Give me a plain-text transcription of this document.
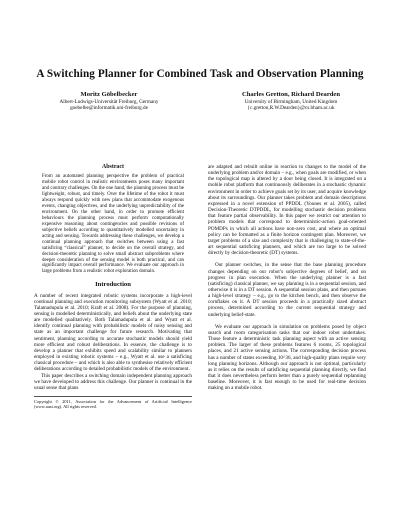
A Switching Planner for Combined Task and Observation Planning
Moritz Göbelbecker
Albert-Ludwigs-Universität Freiburg, Germany
goebelbe@informatik.uni-freiburg.de
Charles Gretton, Richard Dearden
University of Birmingham, United Kingdom
{c.gretton,R.W.Dearden}@cs.bham.ac.uk
Abstract

From an automated planning perspective the problem of practical mobile robot control in realistic environments poses many important and contrary challenges. On the one hand, the planning process must be lightweight, robust, and timely. Over the lifetime of the robot it must always respond quickly with new plans that accommodate exogenous events, changing objectives, and the underlying unpredictability of the environment. On the other hand, in order to promote efficient behaviours the planning process must perform computationally expensive reasoning about contingencies and possible revisions of subjective beliefs according to quantitatively modelled uncertainty in acting and sensing. Towards addressing these challenges, we develop a continual planning approach that switches between using a fast satisficing “classical” planner, to decide on the overall strategy, and decision-theoretic planning to solve small abstract subproblems where deeper consideration of the sensing model is both practical, and can significantly impact overall performance. We evaluate our approach in large problems from a realistic robot exploration domain.

Introduction

A number of recent integrated robotic systems incorporate a high-level continual planning and execution monitoring subsystem (Wyatt et al. 2010; Talamadupula et al. 2010; Kraft et al. 2008). For the purpose of planning, sensing is modelled deterministically, and beliefs about the underlying state are modelled qualitatively. Both Talamadupula et al. and Wyatt et al. identify continual planning with probabilistic models of noisy sensing and state as an important challenge for future research. Motivating that sentiment, planning according to accurate stochastic models should yield more efficient and robust deliberations. In essence, the challenge is to develop a planner that exhibits speed and scalability similar to planners employed in existing robotic systems – e.g., Wyatt et al. use a satisficing classical procedure – and which is also able to synthesise relatively efficient deliberations according to detailed probabilistic models of the environment.

This paper describes a switching domain independent planning approach we have developed to address this challenge. Our planner is continual in the usual sense that plans

Copyright © 2011, Association for the Advancement of Artificial Intelligence (www.aaai.org). All rights reserved.

are adapted and rebuilt online in reaction to changes to the model of the underlying problem and/or domain – e.g., when goals are modified, or when the topological map is altered by a door being closed. It is integrated on a mobile robot platform that continuously deliberates in a stochastic dynamic environment in order to achieve goals set by its user, and acquire knowledge about its surroundings. Our planner takes problem and domain descriptions expressed in a novel extension of PPDDL (Younes et al. 2005), called Decision-Theoretic DTPDDL, for modelling stochastic decision problems that feature partial observability. In this paper we restrict our attention to problem models that correspond to deterministic-action goal-oriented POMDPs in which all actions have non-zero cost, and where an optimal policy can be formatted as a finite horizon contingent plan. Moreover, we target problems of a size and complexity that is challenging to state-of-the-art sequential satisficing planners, and which are too large to be solved directly by decision-theoretic (DT) systems.

Our planner switches, in the sense that the base planning procedure changes depending on our robot’s subjective degrees of belief, and on progress in plan execution. When the underlying planner is a fast (satisficing) classical planner, we say planning is in a sequential session, and otherwise it is in a DT session. A sequential session plans, and then pursues a high-level strategy – e.g., go to the kitchen bench, and then observe the cornflakes on it. A DT session proceeds in a practically sized abstract process, determined according to the current sequential strategy and underlying belief-state.

We evaluate our approach in simulation on problems posed by object search and room categorisation tasks that our indoor robot undertakes. Those feature a deterministic task planning aspect with an active sensing problem. The larger of these problems features 6 rooms, 25 topological places, and 21 active sensing actions. The corresponding decision process has a number of states exceeding 10^36, and high-quality plans require very long planning horizons. Although our approach is not optimal, particularly as it relies on the results of satisficing sequential planning directly, we find that it does nevertheless perform better than a purely sequential replanning baseline. Moreover, it is fast enough to be used for real-time decision making on a mobile robot.
